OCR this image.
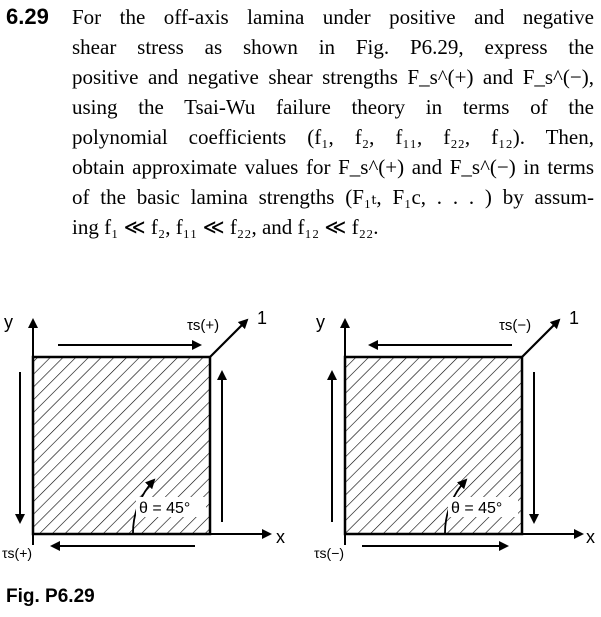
6.29 For the off-axis lamina under positive and negative
shear stress as shown in Fig. P6.29, express the
positive and negative shear strengths F_s^(+) and F_s^(−),
using the Tsai-Wu failure theory in terms of the
polynomial coefficients (f₁, f₂, f₁₁, f₂₂, f₁₂). Then,
obtain approximate values for F_s^(+) and F_s^(−) in terms
of the basic lamina strengths (F₁ₜ, F₁c, . . . ) by assum-
ing f₁ ≪ f₂, f₁₁ ≪ f₂₂, and f₁₂ ≪ f₂₂.
θ = 45°
y
x
1
τs(+)
τs(+)
θ = 45°
y
x
1
τs(−)
τs(−)
Fig. P6.29
